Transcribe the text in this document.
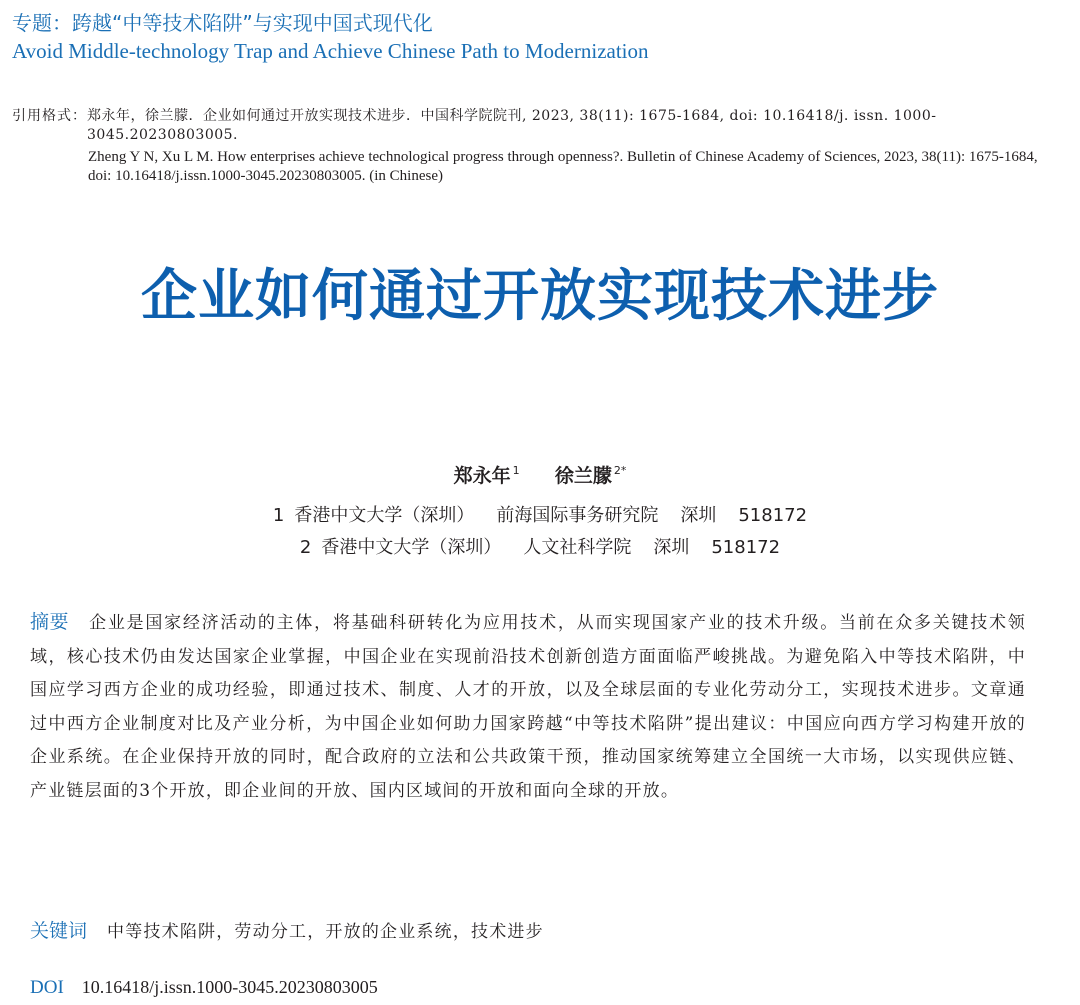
专题：跨越“中等技术陷阱”与实现中国式现代化
Avoid Middle-technology Trap and Achieve Chinese Path to Modernization
引用格式： 郑永年，徐兰朦．企业如何通过开放实现技术进步．中国科学院院刊, 2023, 38(11): 1675-1684, doi: 10.16418/j. issn. 1000-3045.20230803005.
Zheng Y N, Xu L M. How enterprises achieve technological progress through openness?. Bulletin of Chinese Academy of Sciences, 2023, 38(11): 1675-1684, doi: 10.16418/j.issn.1000-3045.20230803005. (in Chinese)
企业如何通过开放实现技术进步
郑永年 $^1$ 徐兰朦 $^{2*}$
1 香港中文大学（深圳） 前海国际事务研究院 深圳 518172
2 香港中文大学（深圳） 人文社科学院 深圳 518172
摘要 企业是国家经济活动的主体，将基础科研转化为应用技术，从而实现国家产业的技术升级。当前在众多关键技术领域，核心技术仍由发达国家企业掌握，中国企业在实现前沿技术创新创造方面面临严峻挑战。为避免陷入中等技术陷阱，中国应学习西方企业的成功经验，即通过技术、制度、人才的开放，以及全球层面的专业化劳动分工，实现技术进步。文章通过中西方企业制度对比及产业分析，为中国企业如何助力国家跨越“中等技术陷阱”提出建议：中国应向西方学习构建开放的企业系统。在企业保持开放的同时，配合政府的立法和公共政策干预，推动国家统筹建立全国统一大市场，以实现供应链、产业链层面的3个开放，即企业间的开放、国内区域间的开放和面向全球的开放。
关键词 中等技术陷阱，劳动分工，开放的企业系统，技术进步
DOI 10.16418/j.issn.1000-3045.20230803005
